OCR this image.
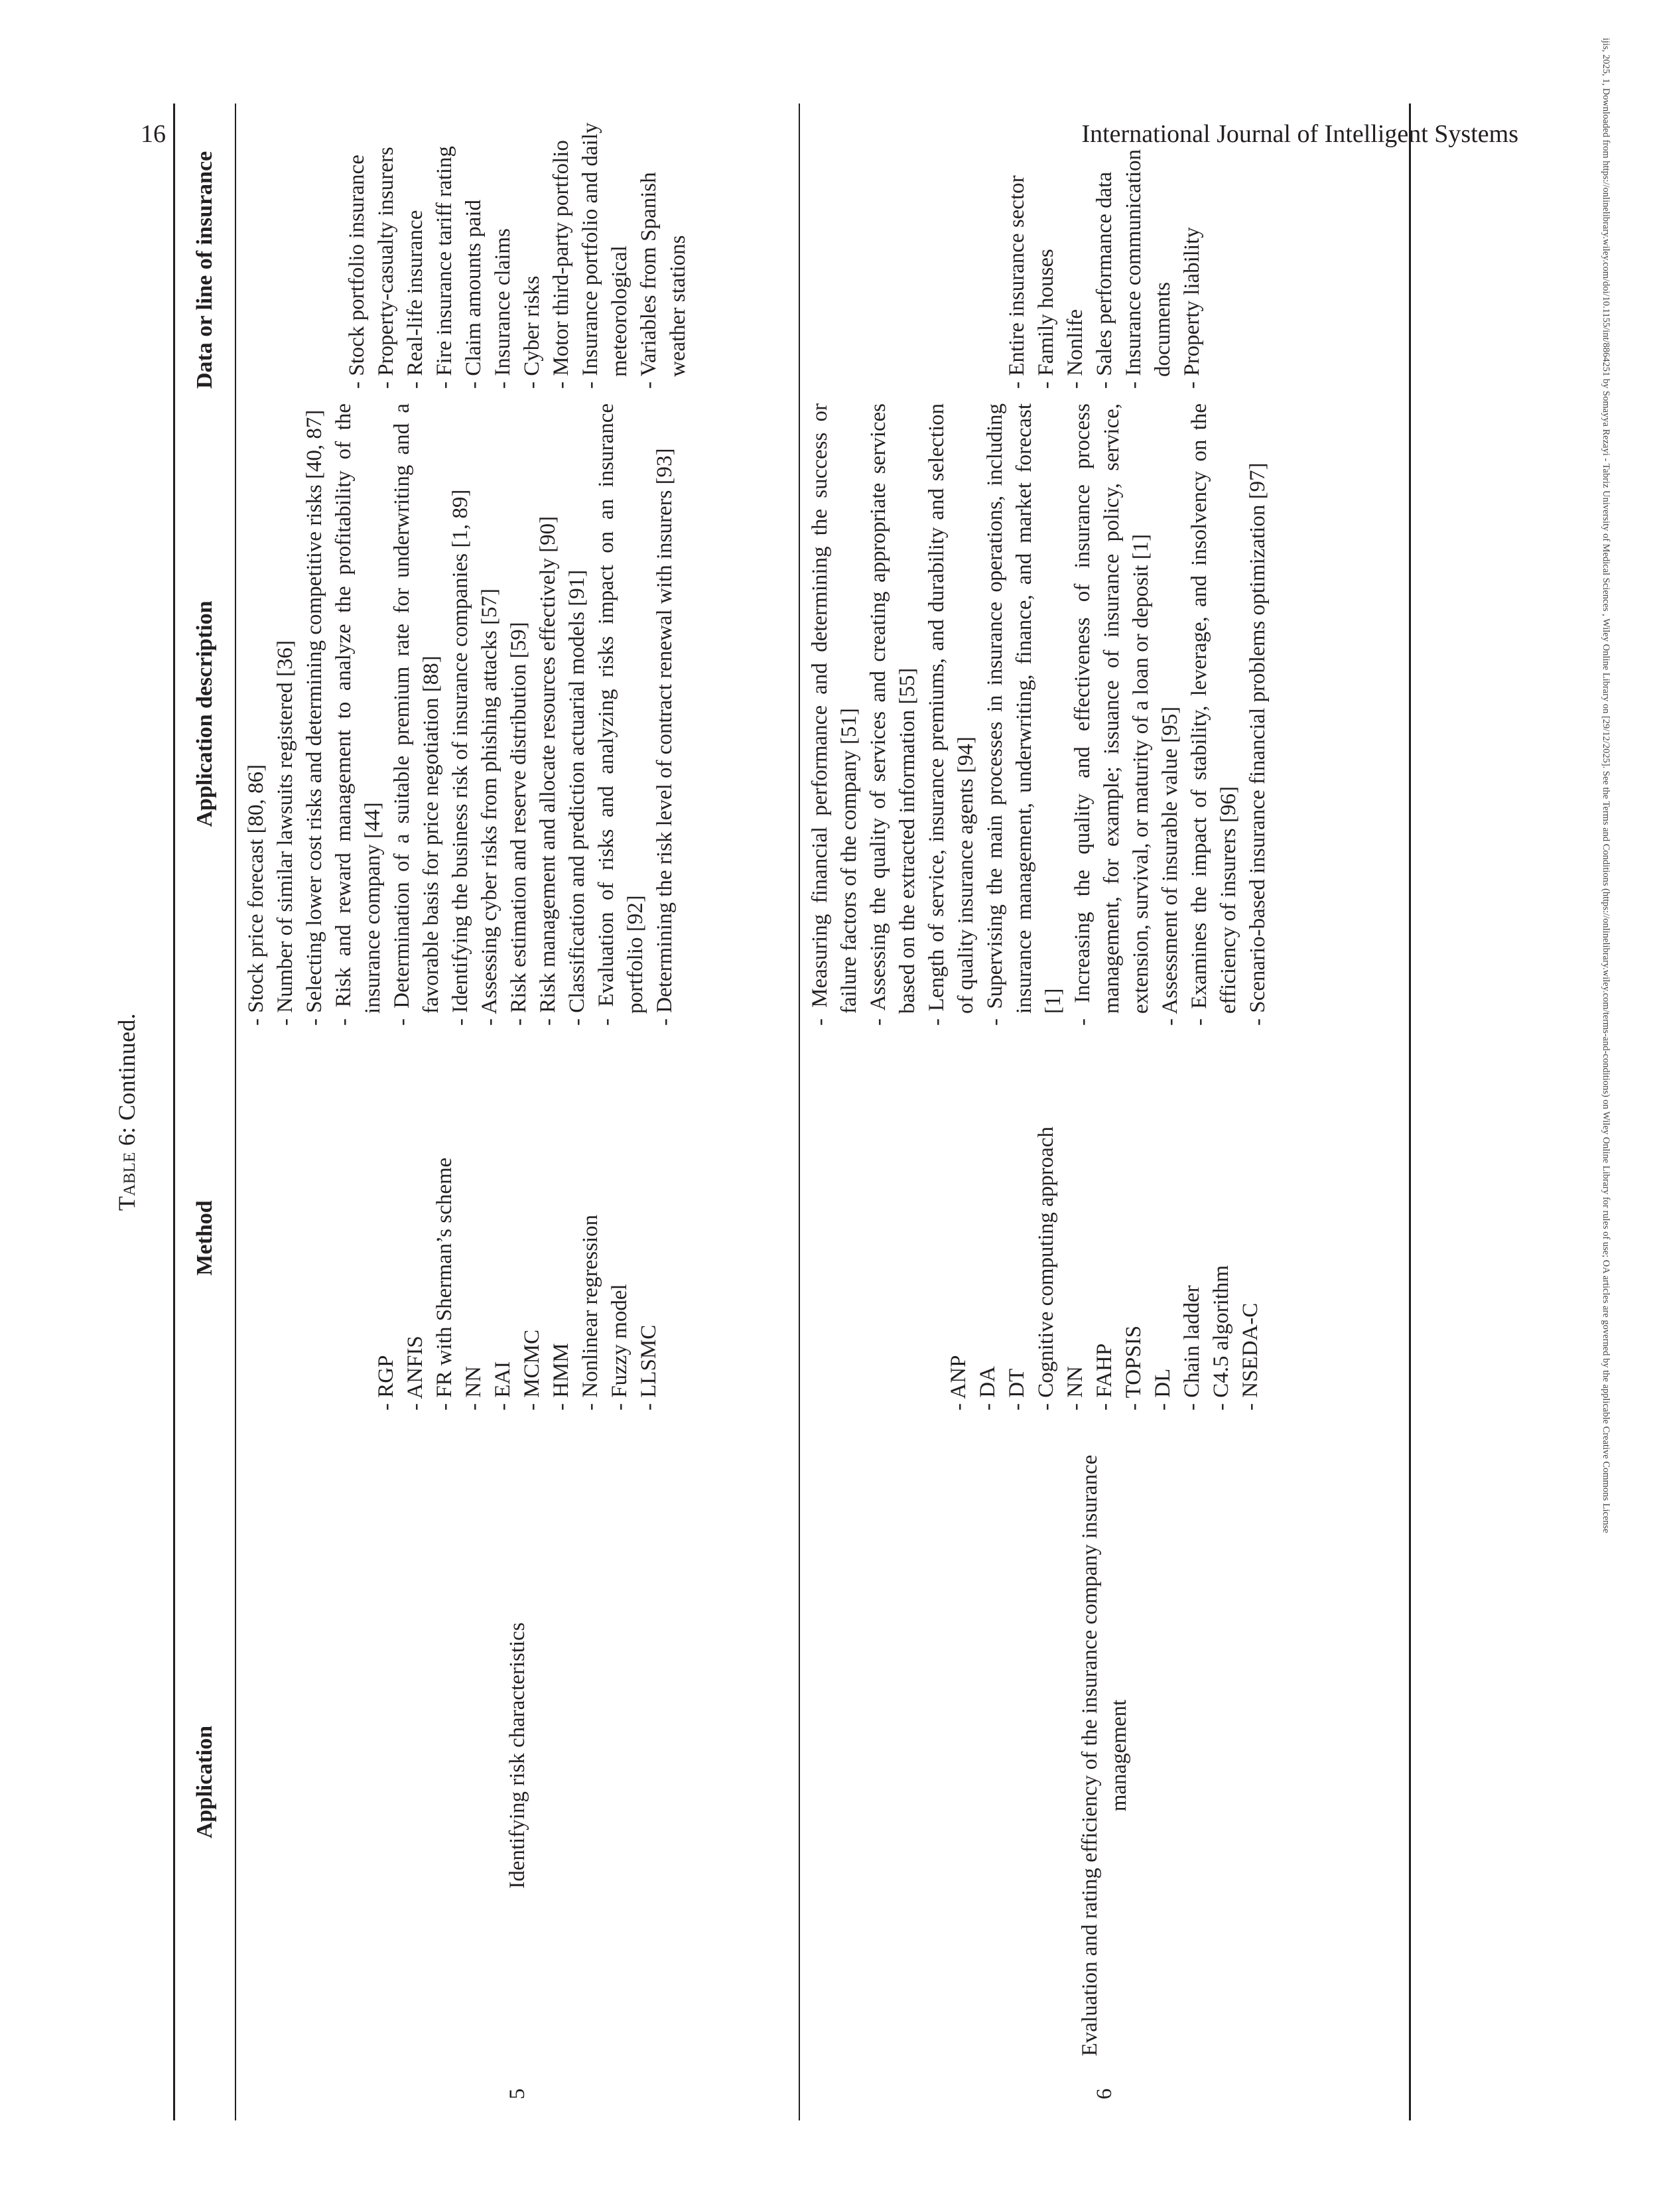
16	International Journal of Intelligent Systems	ijis, 2025, 1, Downloaded from https://onlinelibrary.wiley.com/doi/10.1155/int/8864251 by Somayya Rezayi - Tabriz University of Medical Sciences , Wiley Online Library on [29/12/2025]. See the Terms and Conditions (https://onlinelibrary.wiley.com/terms-and-conditions) on Wiley Online Library for rules of use; OA articles are governed by the applicable Creative Commons License
Table 6: Continued.
Application
Method
Application description
Data or line of insurance
5
Identifying risk characteristics
- RGP - ANFIS - FR with Sherman’s scheme - NN - EAI - MCMC - HMM - Nonlinear regression - Fuzzy model - LLSMC
- Stock price forecast [80, 86] - Number of similar lawsuits registered [36] - Selecting lower cost risks and determining competitive risks [40, 87] - Risk and reward management to analyze the profitability of the insurance company [44] - Determination of a suitable premium rate for underwriting and a favorable basis for price negotiation [88] - Identifying the business risk of insurance companies [1, 89] - Assessing cyber risks from phishing attacks [57] - Risk estimation and reserve distribution [59] - Risk management and allocate resources effectively [90] - Classification and prediction actuarial models [91] - Evaluation of risks and analyzing risks impact on an insurance portfolio [92] - Determining the risk level of contract renewal with insurers [93]
- Stock portfolio insurance - Property-casualty insurers - Real-life insurance - Fire insurance tariff rating - Claim amounts paid - Insurance claims - Cyber risks - Motor third-party portfolio - Insurance portfolio and daily meteorological - Variables from Spanish weather stations
6
Evaluation and rating efficiency of the insurance company insurance management
- ANP - DA - DT - Cognitive computing approach - NN - FAHP - TOPSIS - DL - Chain ladder - C4.5 algorithm - NSEDA-C
- Measuring financial performance and determining the success or failure factors of the company [51] - Assessing the quality of services and creating appropriate services based on the extracted information [55] - Length of service, insurance premiums, and durability and selection of quality insurance agents [94] - Supervising the main processes in insurance operations, including insurance management, underwriting, finance, and market forecast [1] - Increasing the quality and effectiveness of insurance process management, for example; issuance of insurance policy, service, extension, survival, or maturity of a loan or deposit [1] - Assessment of insurable value [95] - Examines the impact of stability, leverage, and insolvency on the efficiency of insurers [96] - Scenario-based insurance financial problems optimization [97]
- Entire insurance sector - Family houses - Nonlife - Sales performance data - Insurance communication documents - Property liability
